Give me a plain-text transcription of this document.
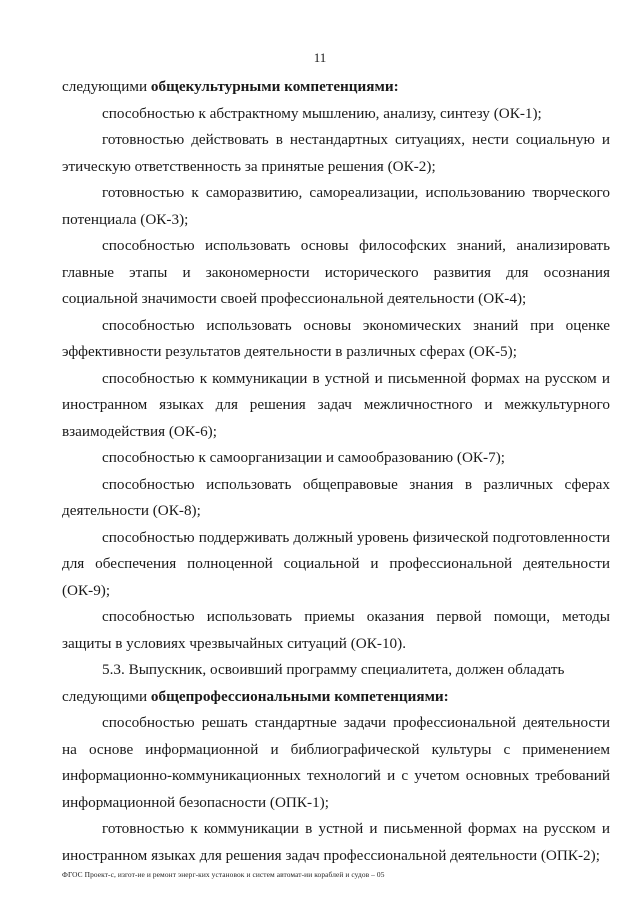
11

следующими общекультурными компетенциями:

способностью к абстрактному мышлению, анализу, синтезу (ОК-1);

готовностью действовать в нестандартных ситуациях, нести социальную и этическую ответственность за принятые решения (ОК-2);

готовностью к саморазвитию, самореализации, использованию творческого потенциала (ОК-3);

способностью использовать основы философских знаний, анализировать главные этапы и закономерности исторического развития для осознания социальной значимости своей профессиональной деятельности (ОК-4);

способностью использовать основы экономических знаний при оценке эффективности результатов деятельности в различных сферах (ОК-5);

способностью к коммуникации в устной и письменной формах на русском и иностранном языках для решения задач межличностного и межкультурного взаимодействия (ОК-6);

способностью к самоорганизации и самообразованию (ОК-7);

способностью использовать общеправовые знания в различных сферах деятельности (ОК-8);

способностью поддерживать должный уровень физической подготовленности для обеспечения полноценной социальной и профессиональной деятельности (ОК-9);

способностью использовать приемы оказания первой помощи, методы защиты в условиях чрезвычайных ситуаций (ОК-10).

5.3. Выпускник, освоивший программу специалитета, должен обладать

следующими общепрофессиональными компетенциями:

способностью решать стандартные задачи профессиональной деятельности на основе информационной и библиографической культуры с применением информационно-коммуникационных технологий и с учетом основных требований информационной безопасности (ОПК-1);

готовностью к коммуникации в устной и письменной формах на русском и иностранном языках для решения задач профессиональной деятельности (ОПК-2);

ФГОС Проект-с, изгот-ие и ремонт энерг-ких установок и систем автомат-ии кораблей и судов – 05
